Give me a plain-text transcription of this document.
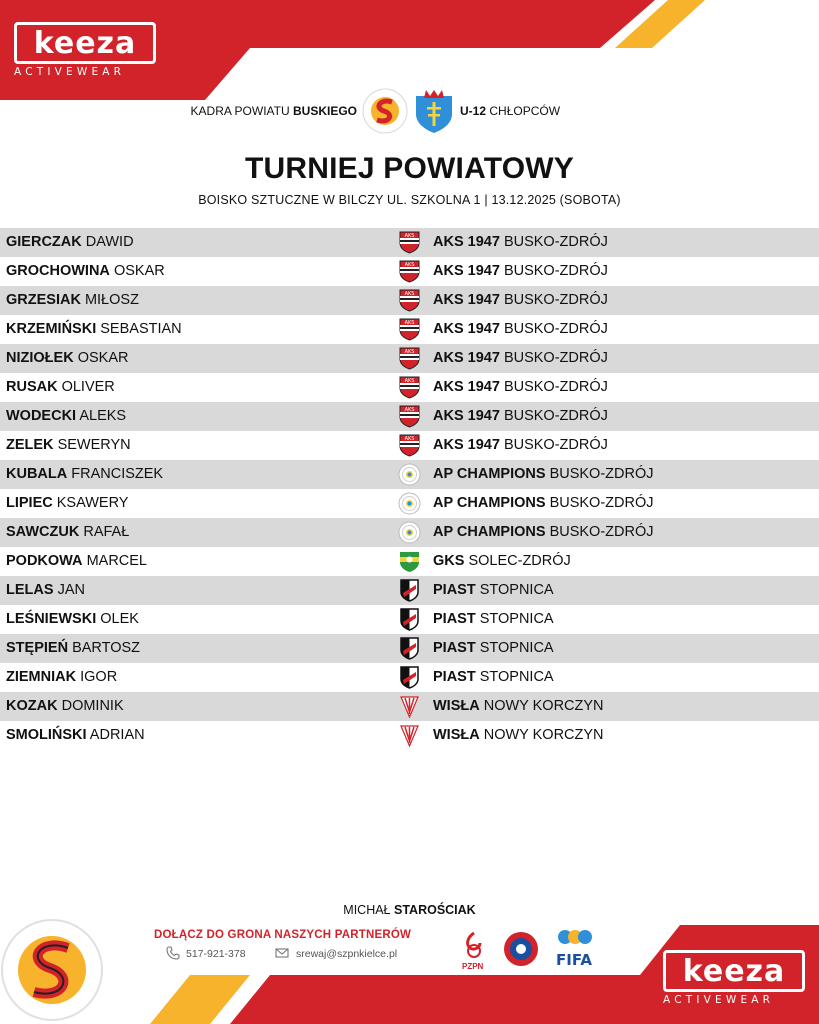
keeza
ACTIVEWEAR
KADRA POWIATU BUSKIEGO	U-12 CHŁOPCÓW
TURNIEJ POWIATOWY
BOISKO SZTUCZNE W BILCZY UL. SZKOLNA 1 | 13.12.2025 (SOBOTA)
GIERCZAK DAWID	AKS AKS 1947 BUSKO-ZDRÓJ
GROCHOWINA OSKAR	AKS AKS 1947 BUSKO-ZDRÓJ
GRZESIAK MIŁOSZ	AKS AKS 1947 BUSKO-ZDRÓJ
KRZEMIŃSKI SEBASTIAN	AKS AKS 1947 BUSKO-ZDRÓJ
NIZIOŁEK OSKAR	AKS AKS 1947 BUSKO-ZDRÓJ
RUSAK OLIVER	AKS AKS 1947 BUSKO-ZDRÓJ
WODECKI ALEKS	AKS AKS 1947 BUSKO-ZDRÓJ
ZELEK SEWERYN	AKS AKS 1947 BUSKO-ZDRÓJ
KUBALA FRANCISZEK	AP CHAMPIONS BUSKO-ZDRÓJ
LIPIEC KSAWERY	AP CHAMPIONS BUSKO-ZDRÓJ
SAWCZUK RAFAŁ	AP CHAMPIONS BUSKO-ZDRÓJ
PODKOWA MARCEL	GKS SOLEC-ZDRÓJ
LELAS JAN	PIAST STOPNICA
LEŚNIEWSKI OLEK	PIAST STOPNICA
STĘPIEŃ BARTOSZ	PIAST STOPNICA
ZIEMNIAK IGOR	PIAST STOPNICA
KOZAK DOMINIK	WISŁA NOWY KORCZYN
SMOLIŃSKI ADRIAN	WISŁA NOWY KORCZYN
MICHAŁ STAROŚCIAK
DOŁĄCZ DO GRONA NASZYCH PARTNERÓW
517-921-378	srewaj@szpnkielce.pl
PZPN	FIFA	keeza
ACTIVEWEAR
